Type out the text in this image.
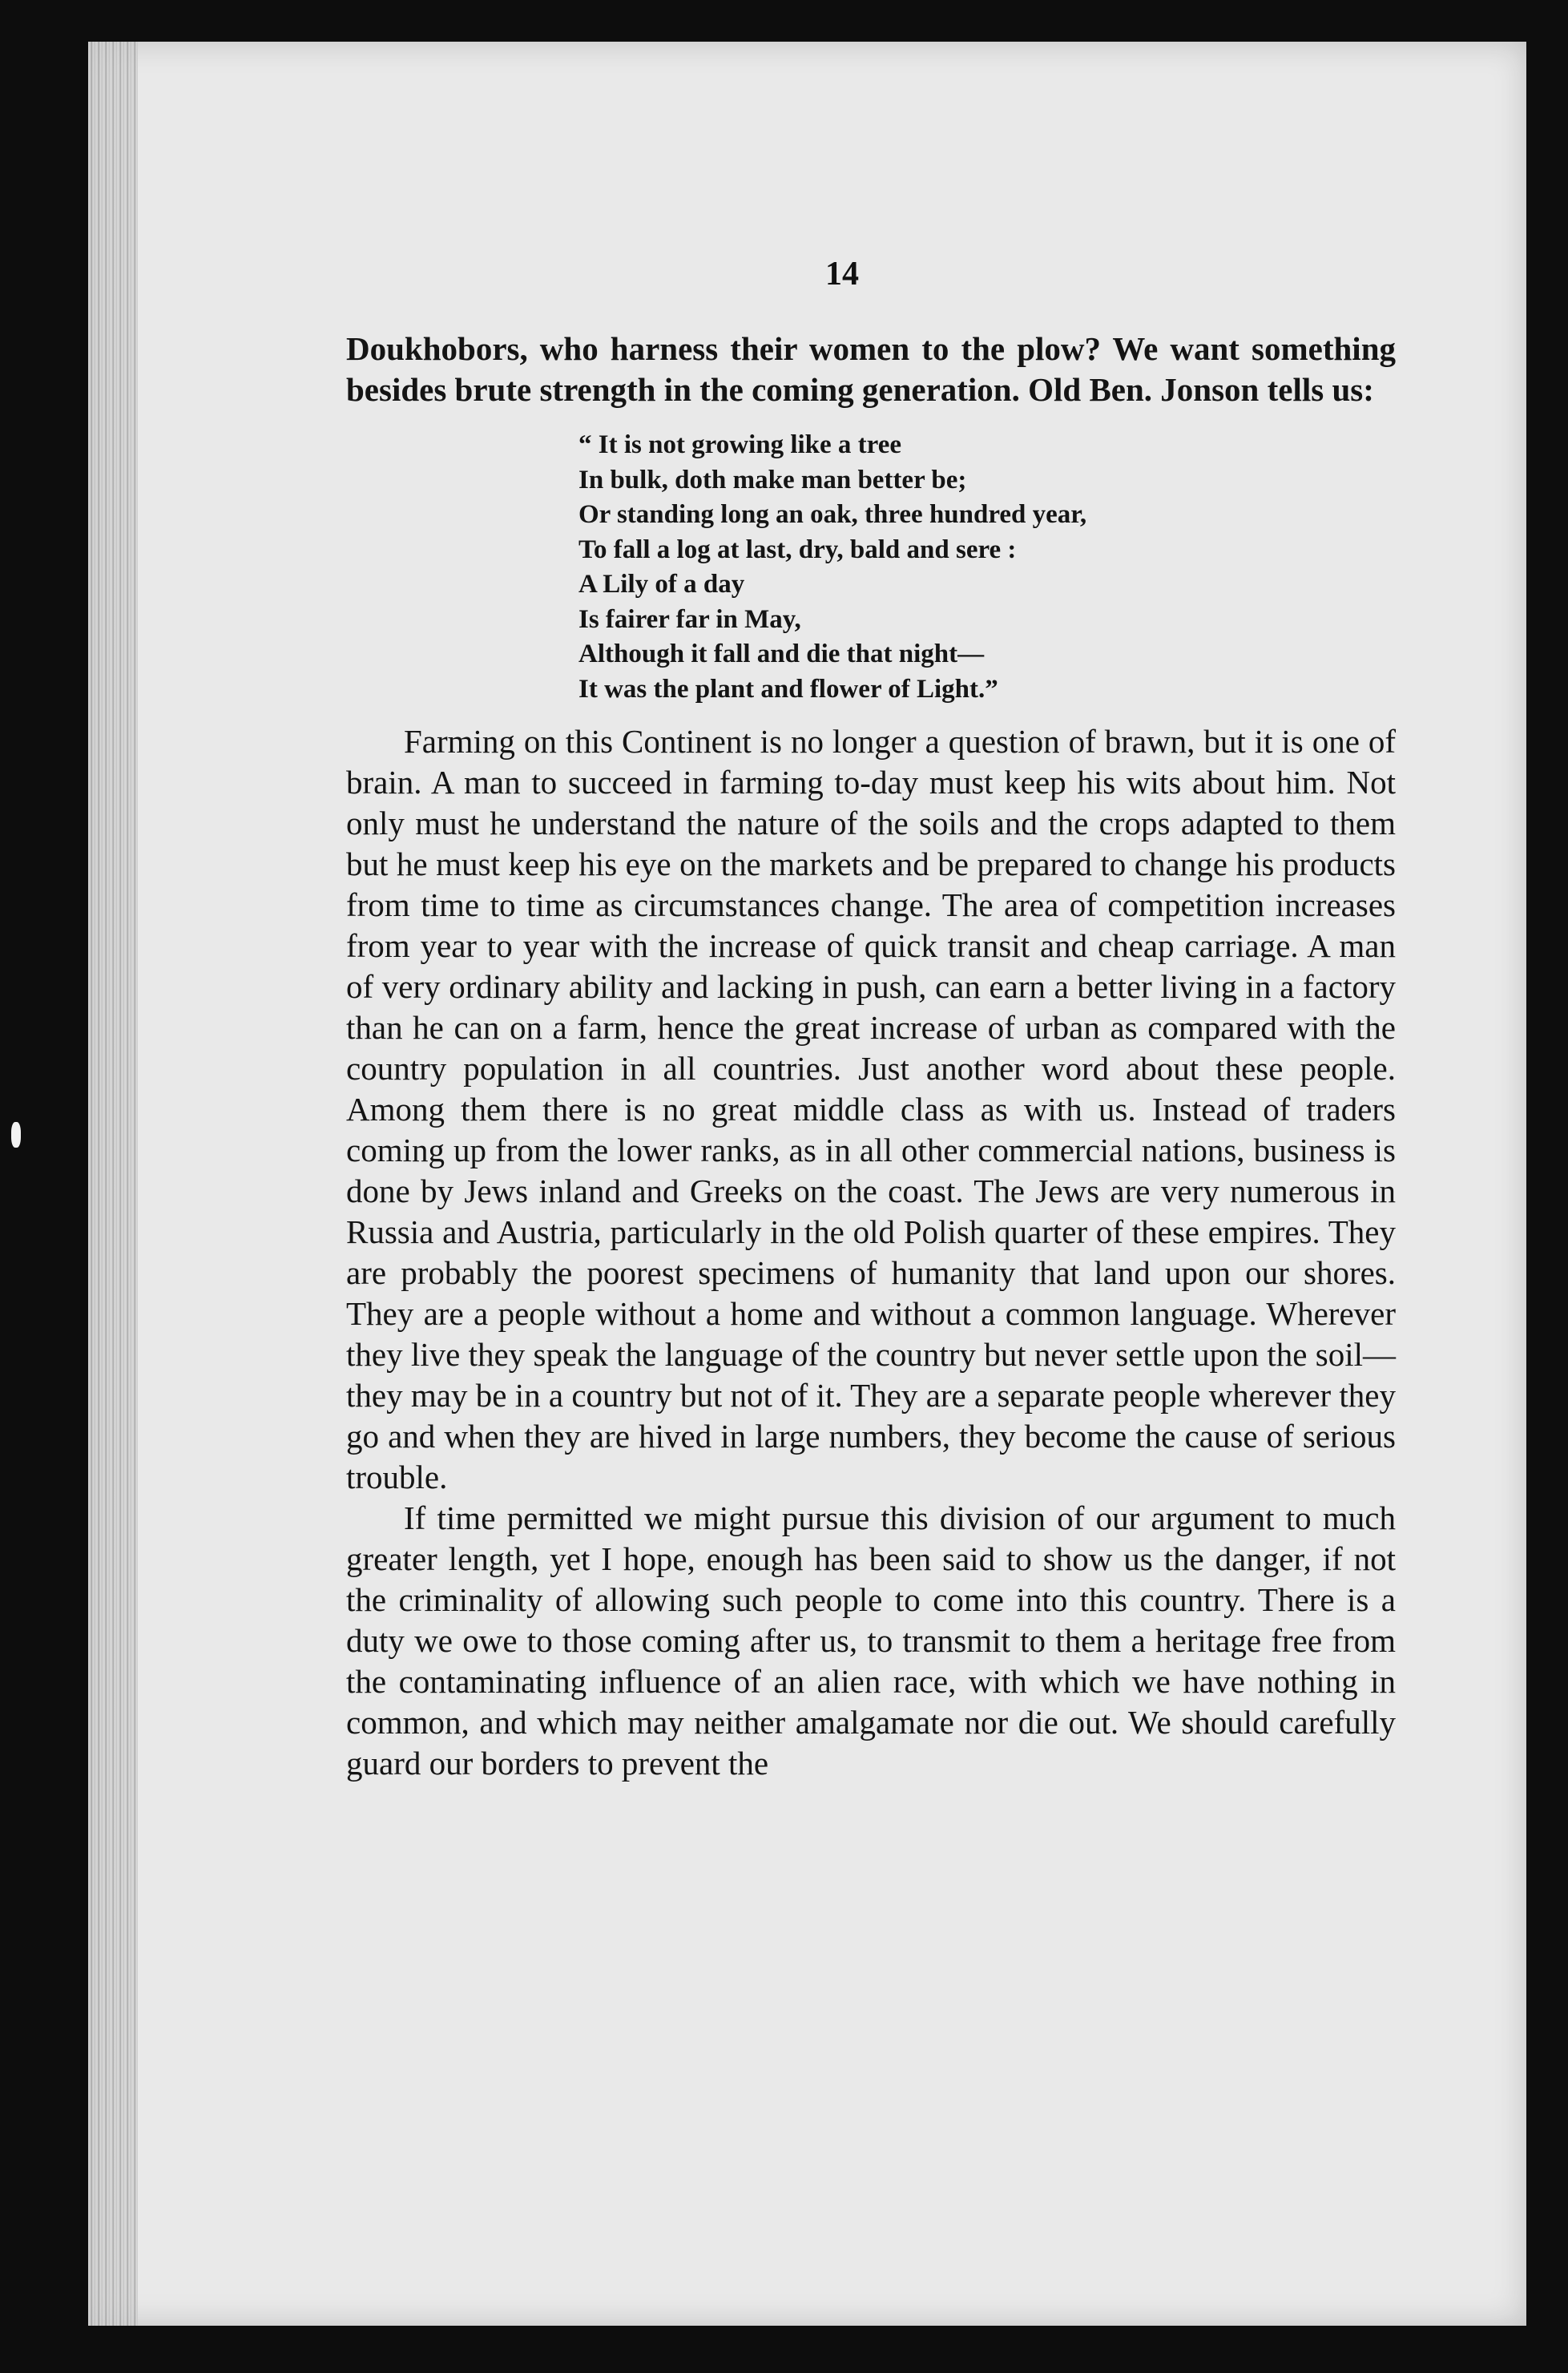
14

Doukhobors, who harness their women to the plow? We want something besides brute strength in the coming generation. Old Ben. Jonson tells us:

“ It is not growing like a tree
In bulk, doth make man better be;
Or standing long an oak, three hundred year,
To fall a log at last, dry, bald and sere :
A Lily of a day
Is fairer far in May,
Although it fall and die that night—
It was the plant and flower of Light.”

Farming on this Continent is no longer a question of brawn, but it is one of brain. A man to succeed in farming to-day must keep his wits about him. Not only must he understand the nature of the soils and the crops adapted to them but he must keep his eye on the markets and be prepared to change his products from time to time as circumstances change. The area of competition increases from year to year with the increase of quick transit and cheap carriage. A man of very ordinary ability and lacking in push, can earn a better living in a factory than he can on a farm, hence the great increase of urban as compared with the country population in all countries. Just another word about these people. Among them there is no great middle class as with us. Instead of traders coming up from the lower ranks, as in all other commercial nations, business is done by Jews inland and Greeks on the coast. The Jews are very numerous in Russia and Austria, particularly in the old Polish quarter of these empires. They are probably the poorest specimens of humanity that land upon our shores. They are a people without a home and without a common language. Wherever they live they speak the language of the country but never settle upon the soil—they may be in a country but not of it. They are a separate people wherever they go and when they are hived in large numbers, they become the cause of serious trouble.

If time permitted we might pursue this division of our argument to much greater length, yet I hope, enough has been said to show us the danger, if not the criminality of allowing such people to come into this country. There is a duty we owe to those coming after us, to transmit to them a heritage free from the contaminating influence of an alien race, with which we have nothing in common, and which may neither amalgamate nor die out. We should carefully guard our borders to prevent the
